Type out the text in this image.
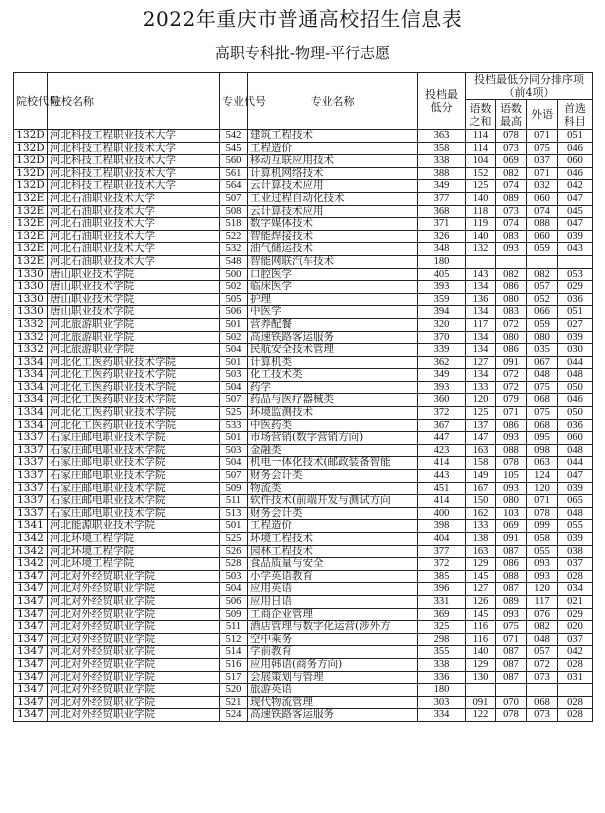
2022年重庆市普通高校招生信息表
高职专科批-物理-平行志愿
院校代号	院校名称	专业代号	专业名称	投档最低分	投档最低分同分排序项（前4项）			
					语数之和	语数最高	外语	首选科目
132D	河北科技工程职业技术大学	542	建筑工程技术	363	114	078	071	051
132D	河北科技工程职业技术大学	545	工程造价	358	114	073	075	046
132D	河北科技工程职业技术大学	560	移动互联应用技术	338	104	069	037	060
132D	河北科技工程职业技术大学	561	计算机网络技术	388	152	082	071	046
132D	河北科技工程职业技术大学	564	云计算技术应用	349	125	074	032	042
132E	河北石油职业技术大学	507	工业过程自动化技术	377	140	089	060	047
132E	河北石油职业技术大学	508	云计算技术应用	368	118	073	074	045
132E	河北石油职业技术大学	518	数字媒体技术	371	119	074	088	047
132E	河北石油职业技术大学	522	智能焊接技术	326	140	083	060	039
132E	河北石油职业技术大学	532	油气储运技术	348	132	093	059	043
132E	河北石油职业技术大学	548	智能网联汽车技术	180				
1330	唐山职业技术学院	500	口腔医学	405	143	082	082	053
1330	唐山职业技术学院	502	临床医学	393	134	086	057	029
1330	唐山职业技术学院	505	护理	359	136	080	052	036
1330	唐山职业技术学院	506	中医学	394	134	083	066	051
1332	河北旅游职业学院	501	营养配餐	320	117	072	059	027
1332	河北旅游职业学院	502	高速铁路客运服务	370	134	080	080	039
1332	河北旅游职业学院	504	民航安全技术管理	339	134	086	035	030
1334	河北化工医药职业技术学院	501	计算机类	362	127	091	067	044
1334	河北化工医药职业技术学院	503	化工技术类	349	134	072	048	048
1334	河北化工医药职业技术学院	504	药学	393	133	072	075	050
1334	河北化工医药职业技术学院	507	药品与医疗器械类	360	120	079	068	046
1334	河北化工医药职业技术学院	525	环境监测技术	372	125	071	075	050
1334	河北化工医药职业技术学院	533	中医药类	367	137	086	068	036
1337	石家庄邮电职业技术学院	501	市场营销(数字营销方向)	447	147	093	095	060
1337	石家庄邮电职业技术学院	503	金融类	423	163	088	098	048
1337	石家庄邮电职业技术学院	504	机电一体化技术(邮政装备智能	414	158	078	063	044
1337	石家庄邮电职业技术学院	507	财务会计类	443	149	105	124	047
1337	石家庄邮电职业技术学院	509	物流类	451	167	093	120	039
1337	石家庄邮电职业技术学院	511	软件技术(前端开发与测试方向	414	150	080	071	065
1337	石家庄邮电职业技术学院	513	财务会计类	400	162	103	078	048
1341	河北能源职业技术学院	501	工程造价	398	133	069	099	055
1342	河北环境工程学院	525	环境工程技术	404	138	091	058	039
1342	河北环境工程学院	526	园林工程技术	377	163	087	055	038
1342	河北环境工程学院	528	食品质量与安全	372	129	086	093	037
1347	河北对外经贸职业学院	503	小学英语教育	385	145	088	093	028
1347	河北对外经贸职业学院	504	应用英语	396	127	087	120	034
1347	河北对外经贸职业学院	506	应用日语	331	126	089	117	021
1347	河北对外经贸职业学院	509	工商企业管理	369	145	093	076	029
1347	河北对外经贸职业学院	511	酒店管理与数字化运营(涉外方	325	116	075	082	020
1347	河北对外经贸职业学院	512	空中乘务	298	116	071	048	037
1347	河北对外经贸职业学院	514	学前教育	355	140	087	057	042
1347	河北对外经贸职业学院	516	应用韩语(商务方向)	338	129	087	072	028
1347	河北对外经贸职业学院	517	会展策划与管理	336	130	087	073	031
1347	河北对外经贸职业学院	520	旅游英语	180				
1347	河北对外经贸职业学院	521	现代物流管理	303	091	070	068	028
1347	河北对外经贸职业学院	524	高速铁路客运服务	334	122	078	073	028
